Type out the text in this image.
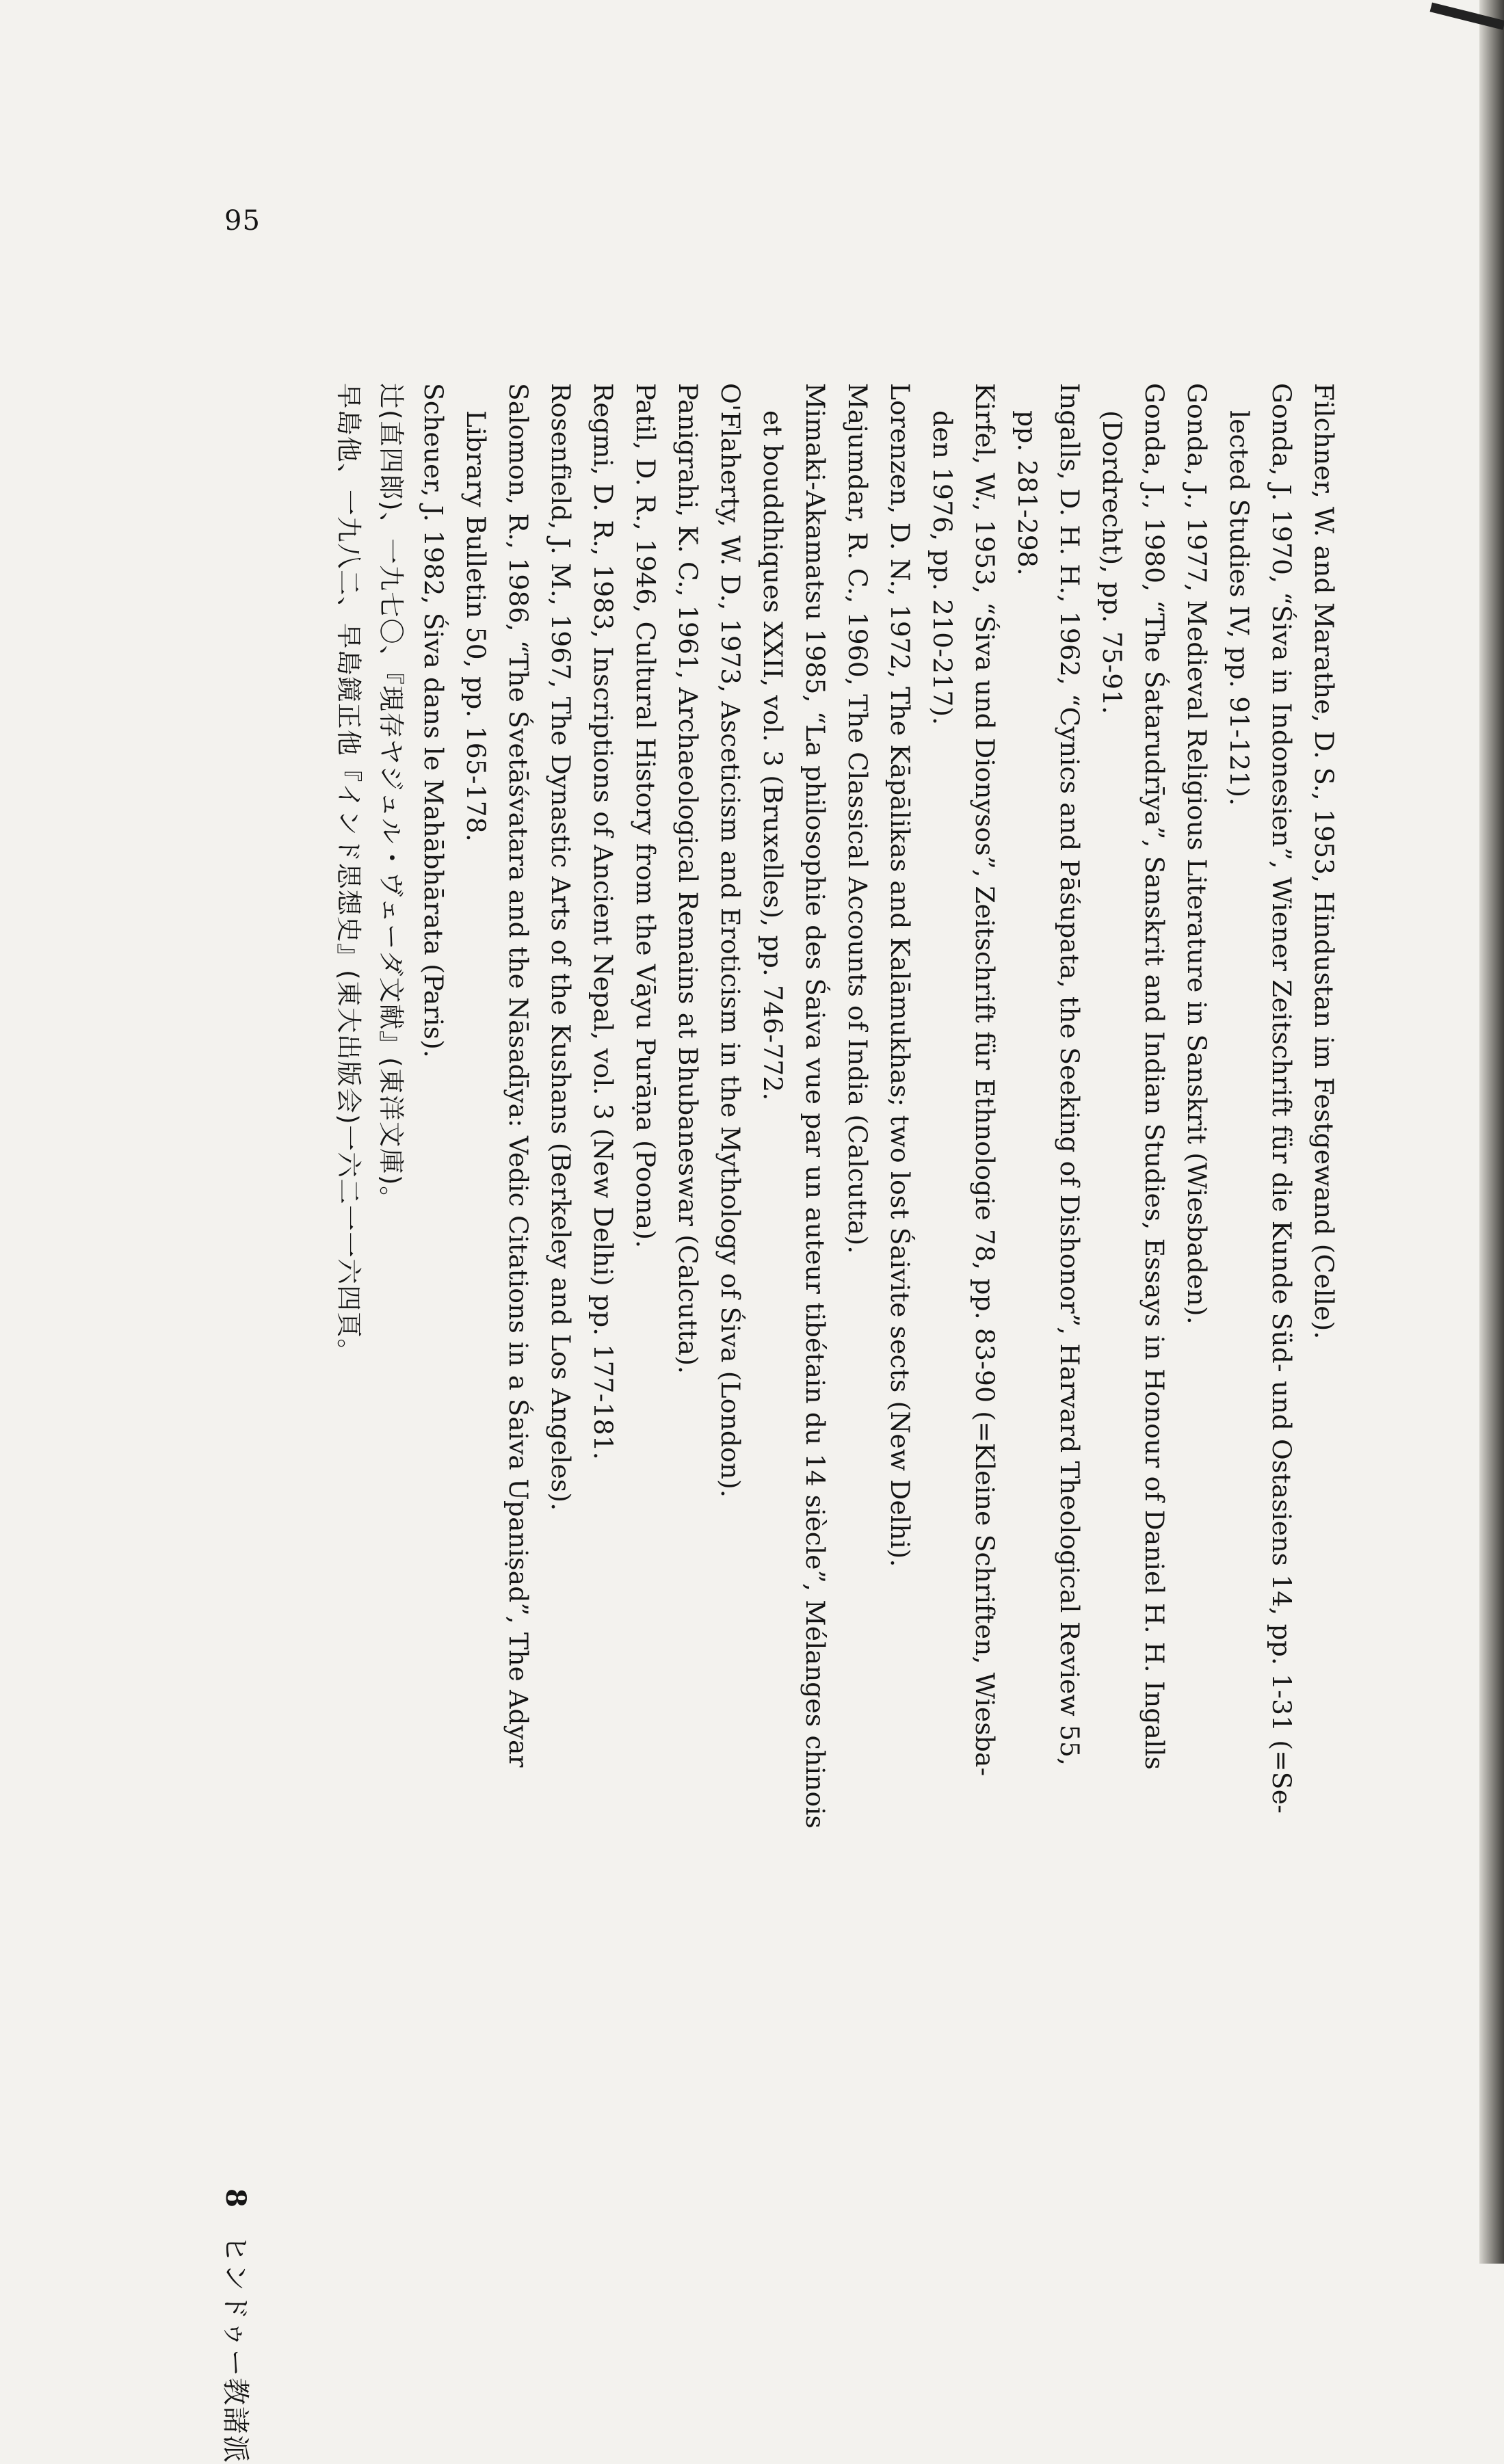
95
Filchner, W. and Marathe, D. S., 1953, Hindustan im Festgewand (Celle).
Gonda, J. 1970, “Śiva in Indonesien”, Wiener Zeitschrift für die Kunde Süd- und Ostasiens 14, pp. 1-31 (=Se-
lected Studies IV, pp. 91-121).
Gonda, J., 1977, Medieval Religious Literature in Sanskrit (Wiesbaden).
Gonda, J., 1980, “The Śatarudrīya”, Sanskrit and Indian Studies, Essays in Honour of Daniel H. H. Ingalls
(Dordrecht), pp. 75-91.
Ingalls, D. H. H., 1962, “Cynics and Pāśupata, the Seeking of Dishonor”, Harvard Theological Review 55,
pp. 281-298.
Kirfel, W., 1953, “Śiva und Dionysos”, Zeitschrift für Ethnologie 78, pp. 83-90 (=Kleine Schriften, Wiesba-
den 1976, pp. 210-217).
Lorenzen, D. N., 1972, The Kāpālikas and Kalāmukhas; two lost Śaivite sects (New Delhi).
Majumdar, R. C., 1960, The Classical Accounts of India (Calcutta).
Mimaki-Akamatsu 1985, “La philosophie des Śaiva vue par un auteur tibétain du 14 siècle”, Mélanges chinois
et bouddhiques XXII, vol. 3 (Bruxelles), pp. 746-772.
O'Flaherty, W. D., 1973, Asceticism and Eroticism in the Mythology of Śiva (London).
Panigrahi, K. C., 1961, Archaeological Remains at Bhubaneswar (Calcutta).
Patil, D. R., 1946, Cultural History from the Vāyu Purāṇa (Poona).
Regmi, D. R., 1983, Inscriptions of Ancient Nepal, vol. 3 (New Delhi) pp. 177-181.
Rosenfield, J. M., 1967, The Dynastic Arts of the Kushans (Berkeley and Los Angeles).
Salomon, R., 1986, “The Śvetāśvatara and the Nāsadīya: Vedic Citations in a Śaiva Upaniṣad”, The Adyar
Library Bulletin 50, pp. 165-178.
Scheuer, J. 1982, Śiva dans le Mahābhārata (Paris).
辻(直四郎)、一九七〇、『現存ヤジュル・ヴェーダ文献』(東洋文庫)。
早島他、一九八二、早島鏡正他『インド思想史』(東大出版会)一六二一一六四頁。
8ヒンドゥー教諸派
